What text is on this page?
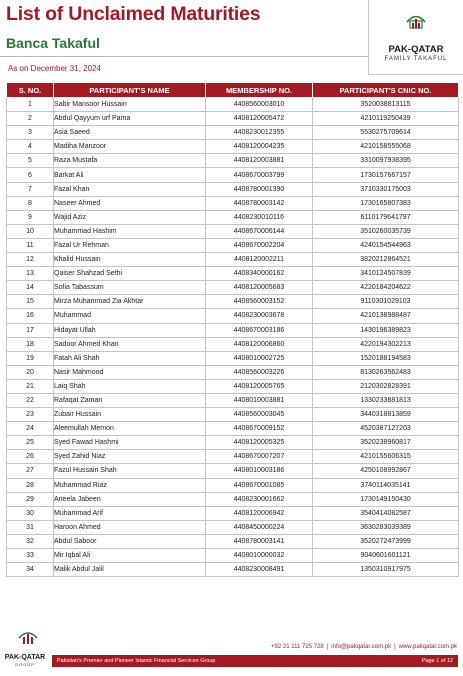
List of Unclaimed Maturities
Banca Takaful
As on December 31, 2024
PAK-QATAR
FAMILY TAKAFUL
S. NO.	PARTICIPANT'S NAME	MEMBERSHIP NO.	PARTICIPANT'S CNIC NO.
1	Sabir Mansoor Hussain	4408560003010	3520038813115
2	Abdul Qayyum urf Pama	4408120005472	4210119250439
3	Asia Saeed	4408230012355	5530275709614
4	Madiha Manzoor	4408120004235	4210158555068
5	Raza Mustafa	4408120003881	3310097938395
6	Barkat Ali	4408670003799	1730157667157
7	Fazal Khan	4408780001390	3710330175003
8	Naseer Ahmed	4408780003142	1730165807383
9	Wajid Aziz	4408230010116	6110179641797
10	Muhammad Hashim	4408670006144	3510260035739
11	Fazal Ur Rehman	4408670002204	4240154544963
12	Khalid Hussain	4408120002211	3820212864521
13	Qaiser Shahzad Sethi	4408340000162	3410124507839
14	Sofia Tabassum	4408120005683	4220184204622
15	Mirza Muhammad Zia Akhtar	4408560003152	9110301029103
16	Muhammad	4408230003678	4210138988487
17	Hidayat Ullah	4408670003186	1430196389823
18	Sadoor Ahmed Khan	4408120006860	4220194302213
19	Fatah Ali Shah	4408010002725	1520188194583
20	Nasir Mahmood	4408560003226	8130263562483
21	Laiq Shah	4408120005765	2120302828391
22	Rafaqat Zaman	4408010003881	1330233881813
23	Zubair Hussain	4408560003045	3440318813859
24	Aleemullah Memon	4408670009152	4520387127203
25	Syed Fawad Hashmi	4408120005325	3520238960817
26	Syed Zahid Niaz	4408670007207	4210155606315
27	Fazul Hussain Shah	4408010003186	4250108992867
28	Muhammad Riaz	4408670001085	3740114035141
29	Aneela Jabeen	4408230001662	1730149150430
30	Muhammad Arif	4408120006942	3540414082587
31	Haroon Ahmed	4408450000224	3630283039389
32	Abdul Saboor	4408780003141	3520272473999
33	Mir Iqbal Ali	4408010000032	9040601601121
34	Malik Abdul Jalil	4408230008491	1350310917975
PAK-QATAR
GROUP
+92 21 111 725 728 | info@pakqatar.com.pk | www.pakqatar.com.pk
Pakistan's Premier and Pioneer Islamic Financial Services Group	Page 1 of 12
